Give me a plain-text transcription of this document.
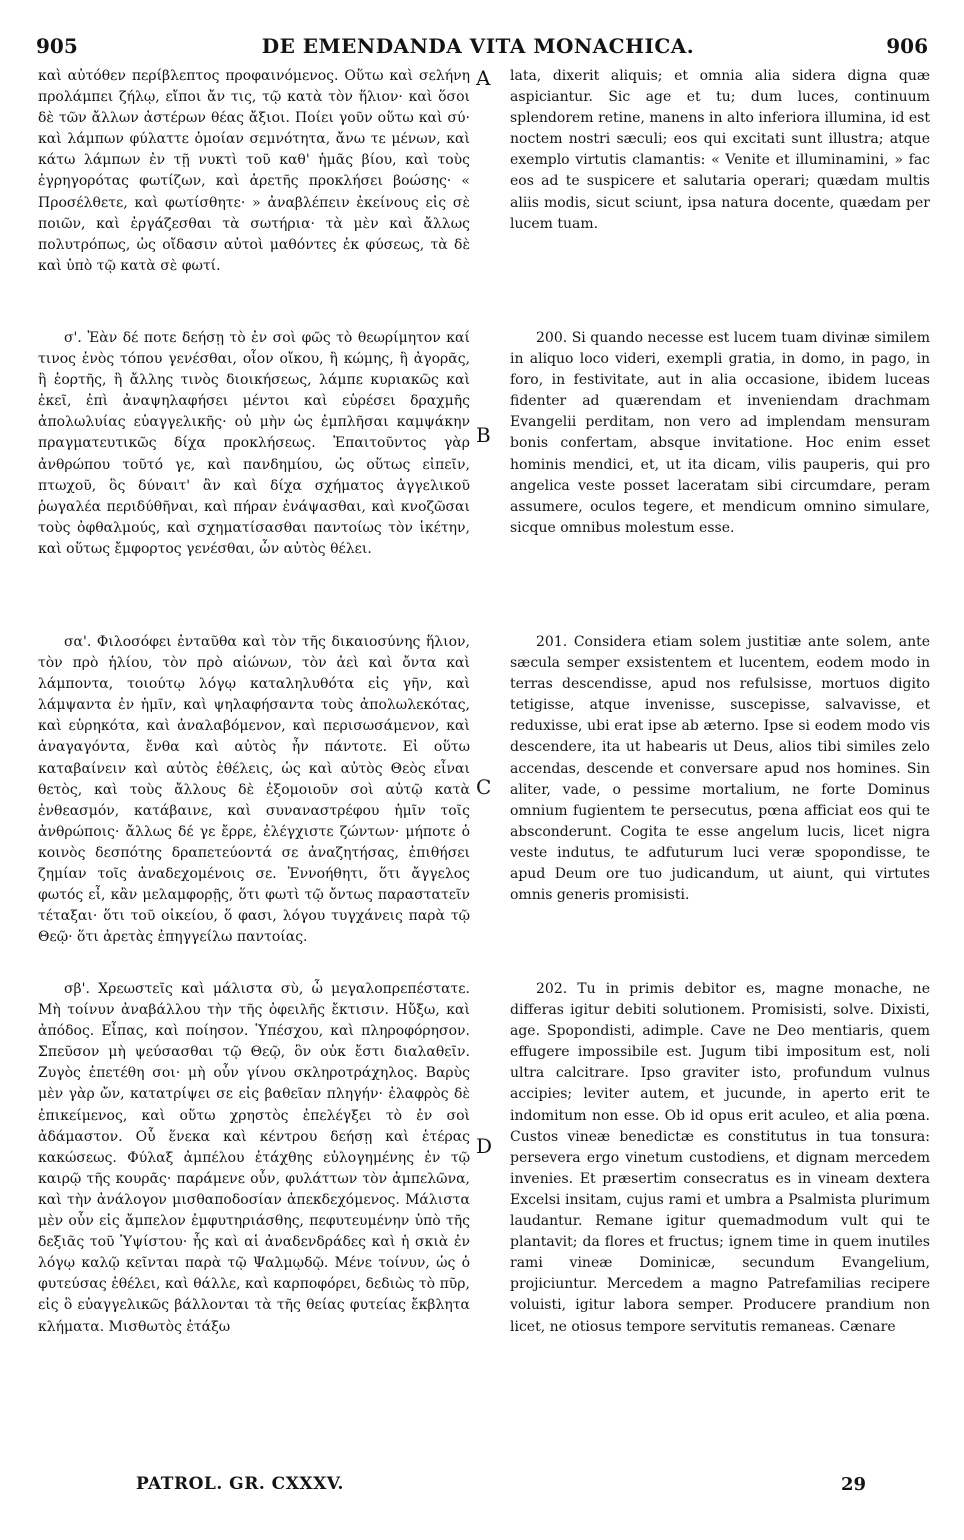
905	DE EMENDANDA VITA MONACHICA.	906

καὶ αὐτόθεν περίβλεπτος προφαινόμενος. Οὕτω καὶ σελήνη προλάμπει ζήλῳ, εἴποι ἄν τις, τῷ κατὰ τὸν ἥλιον· καὶ ὅσοι δὲ τῶν ἄλλων ἀστέρων θέας ἄξιοι. Ποίει γοῦν οὕτω καὶ σύ· καὶ λάμπων φύλαττε ὁμοίαν σεμνότητα, ἄνω τε μένων, καὶ κάτω λάμπων ἐν τῇ νυκτὶ τοῦ καθ' ἡμᾶς βίου, καὶ τοὺς ἐγρηγορότας φωτίζων, καὶ ἀρετῆς προκλήσει βοώσης· « Προσέλθετε, καὶ φωτίσθητε· » ἀναβλέπειν ἐκείνους εἰς σὲ ποιῶν, καὶ ἐργάζεσθαι τὰ σωτήρια· τὰ μὲν καὶ ἄλλως πολυτρόπως, ὡς οἴδασιν αὐτοὶ μαθόντες ἐκ φύσεως, τὰ δὲ καὶ ὑπὸ τῷ κατὰ σὲ φωτί.

σ'. Ἐὰν δέ ποτε δεήσῃ τὸ ἐν σοὶ φῶς τὸ θεωρίμητον καί τινος ἑνὸς τόπου γενέσθαι, οἷον οἴκου, ἢ κώμης, ἢ ἀγορᾶς, ἢ ἑορτῆς, ἢ ἄλλης τινὸς διοικήσεως, λάμπε κυριακῶς καὶ ἐκεῖ, ἐπὶ ἀναψηλαφήσει μέντοι καὶ εὑρέσει δραχμῆς ἀπολωλυίας εὐαγγελικῆς· οὐ μὴν ὡς ἐμπλῆσαι καμψάκην πραγματευτικῶς δίχα προκλήσεως. Ἐπαιτοῦντος γὰρ ἀνθρώπου τοῦτό γε, καὶ πανδημίου, ὡς οὕτως εἰπεῖν, πτωχοῦ, ὃς δύναιτ' ἂν καὶ δίχα σχήματος ἀγγελικοῦ ῥωγαλέα περιδύθῆναι, καὶ πήραν ἐνάψασθαι, καὶ κνοζῶσαι τοὺς ὀφθαλμούς, καὶ σχηματίσασθαι παντοίως τὸν ἱκέτην, καὶ οὕτως ἔμφορτος γενέσθαι, ὧν αὐτὸς θέλει.

σα'. Φιλοσόφει ἐνταῦθα καὶ τὸν τῆς δικαιοσύνης ἥλιον, τὸν πρὸ ἡλίου, τὸν πρὸ αἰώνων, τὸν ἀεὶ καὶ ὄντα καὶ λάμποντα, τοιούτῳ λόγῳ καταληλυθότα εἰς γῆν, καὶ λάμψαντα ἐν ἡμῖν, καὶ ψηλαφήσαντα τοὺς ἀπολωλεκότας, καὶ εὑρηκότα, καὶ ἀναλαβόμενον, καὶ περισωσάμενον, καὶ ἀναγαγόντα, ἔνθα καὶ αὐτὸς ἦν πάντοτε. Εἰ οὕτω καταβαίνειν καὶ αὐτὸς ἐθέλεις, ὡς καὶ αὐτὸς Θεὸς εἶναι θετὸς, καὶ τοὺς ἄλλους δὲ ἐξομοιοῦν σοὶ αὐτῷ κατὰ ἐνθεασμόν, κατάβαινε, καὶ συναναστρέφου ἡμῖν τοῖς ἀνθρώποις· ἄλλως δέ γε ἔρρε, ἐλέγχιστε ζώντων· μήποτε ὁ κοινὸς δεσπότης δραπετεύοντά σε ἀναζητήσας, ἐπιθήσει ζημίαν τοῖς ἀναδεχομένοις σε. Ἐννοήθητι, ὅτι ἄγγελος φωτός εἶ, κἂν μελαμφορῇς, ὅτι φωτὶ τῷ ὄντως παραστατεῖν τέταξαι· ὅτι τοῦ οἰκείου, ὅ φασι, λόγου τυγχάνεις παρὰ τῷ Θεῷ· ὅτι ἀρετὰς ἐπηγγείλω παντοίας.

σβ'. Χρεωστεῖς καὶ μάλιστα σὺ, ὦ μεγαλοπρεπέστατε. Μὴ τοίνυν ἀναβάλλου τὴν τῆς ὀφειλῆς ἔκτισιν. Ηὔξω, καὶ ἀπόδος. Εἶπας, καὶ ποίησον. Ὑπέσχου, καὶ πληροφόρησον. Σπεῦσον μὴ ψεύσασθαι τῷ Θεῷ, ὃν οὐκ ἔστι διαλαθεῖν. Ζυγὸς ἐπετέθη σοι· μὴ οὖν γίνου σκληροτράχηλος. Βαρὺς μὲν γὰρ ὤν, κατατρίψει σε εἰς βαθεῖαν πληγήν· ἐλαφρὸς δὲ ἐπικείμενος, καὶ οὕτω χρηστὸς ἐπελέγξει τὸ ἐν σοὶ ἀδάμαστον. Οὗ ἕνεκα καὶ κέντρου δεήσῃ καὶ ἑτέρας κακώσεως. Φύλαξ ἀμπέλου ἐτάχθης εὐλογημένης ἐν τῷ καιρῷ τῆς κουρᾶς· παράμενε οὖν, φυλάττων τὸν ἀμπελῶνα, καὶ τὴν ἀνάλογον μισθαποδοσίαν ἀπεκδεχόμενος. Μάλιστα μὲν οὖν εἰς ἄμπελον ἐμφυτηριάσθης, πεφυτευμένην ὑπὸ τῆς δεξιᾶς τοῦ Ὑψίστου· ἧς καὶ αἱ ἀναδενδράδες καὶ ἡ σκιὰ ἐν λόγῳ καλῷ κεῖνται παρὰ τῷ Ψαλμῳδῷ. Μένε τοίνυν, ὡς ὁ φυτεύσας ἐθέλει, καὶ θάλλε, καὶ καρποφόρει, δεδιὼς τὸ πῦρ, εἰς ὃ εὐαγγελικῶς βάλλονται τὰ τῆς θείας φυτείας ἔκβλητα κλήματα. Μισθωτὸς ἐτάξω

A
B
C
D

lata, dixerit aliquis; et omnia alia sidera digna quæ aspiciantur. Sic age et tu; dum luces, continuum splendorem retine, manens in alto inferiora illumina, id est noctem nostri sæculi; eos qui excitati sunt illustra; atque exemplo virtutis clamantis: « Venite et illuminamini, » fac eos ad te suspicere et salutaria operari; quædam multis aliis modis, sicut sciunt, ipsa natura docente, quædam per lucem tuam.

200. Si quando necesse est lucem tuam divinæ similem in aliquo loco videri, exempli gratia, in domo, in pago, in foro, in festivitate, aut in alia occasione, ibidem luceas fidenter ad quærendam et inveniendam drachmam Evangelii perditam, non vero ad implendam mensuram bonis confertam, absque invitatione. Hoc enim esset hominis mendici, et, ut ita dicam, vilis pauperis, qui pro angelica veste posset laceratam sibi circumdare, peram assumere, oculos tegere, et mendicum omnino simulare, sicque omnibus molestum esse.

201. Considera etiam solem justitiæ ante solem, ante sæcula semper exsistentem et lucentem, eodem modo in terras descendisse, apud nos refulsisse, mortuos digito tetigisse, atque invenisse, suscepisse, salvavisse, et reduxisse, ubi erat ipse ab æterno. Ipse si eodem modo vis descendere, ita ut habearis ut Deus, alios tibi similes zelo accendas, descende et conversare apud nos homines. Sin aliter, vade, o pessime mortalium, ne forte Dominus omnium fugientem te persecutus, pœna afficiat eos qui te absconderunt. Cogita te esse angelum lucis, licet nigra veste indutus, te adfuturum luci veræ spopondisse, te apud Deum ore tuo judicandum, ut aiunt, qui virtutes omnis generis promisisti.

202. Tu in primis debitor es, magne monache, ne differas igitur debiti solutionem. Promisisti, solve. Dixisti, age. Spopondisti, adimple. Cave ne Deo mentiaris, quem effugere impossibile est. Jugum tibi impositum est, noli ultra calcitrare. Ipso graviter isto, profundum vulnus accipies; leviter autem, et jucunde, in aperto erit te indomitum non esse. Ob id opus erit aculeo, et alia pœna. Custos vineæ benedictæ es constitutus in tua tonsura: persevera ergo vinetum custodiens, et dignam mercedem invenies. Et præsertim consecratus es in vineam dextera Excelsi insitam, cujus rami et umbra a Psalmista plurimum laudantur. Remane igitur quemadmodum vult qui te plantavit; da flores et fructus; ignem time in quem inutiles rami vineæ Dominicæ, secundum Evangelium, projiciuntur. Mercedem a magno Patrefamilias recipere voluisti, igitur labora semper. Producere prandium non licet, ne otiosus tempore servitutis remaneas. Cænare

PATROL. GR. CXXXV.	29
